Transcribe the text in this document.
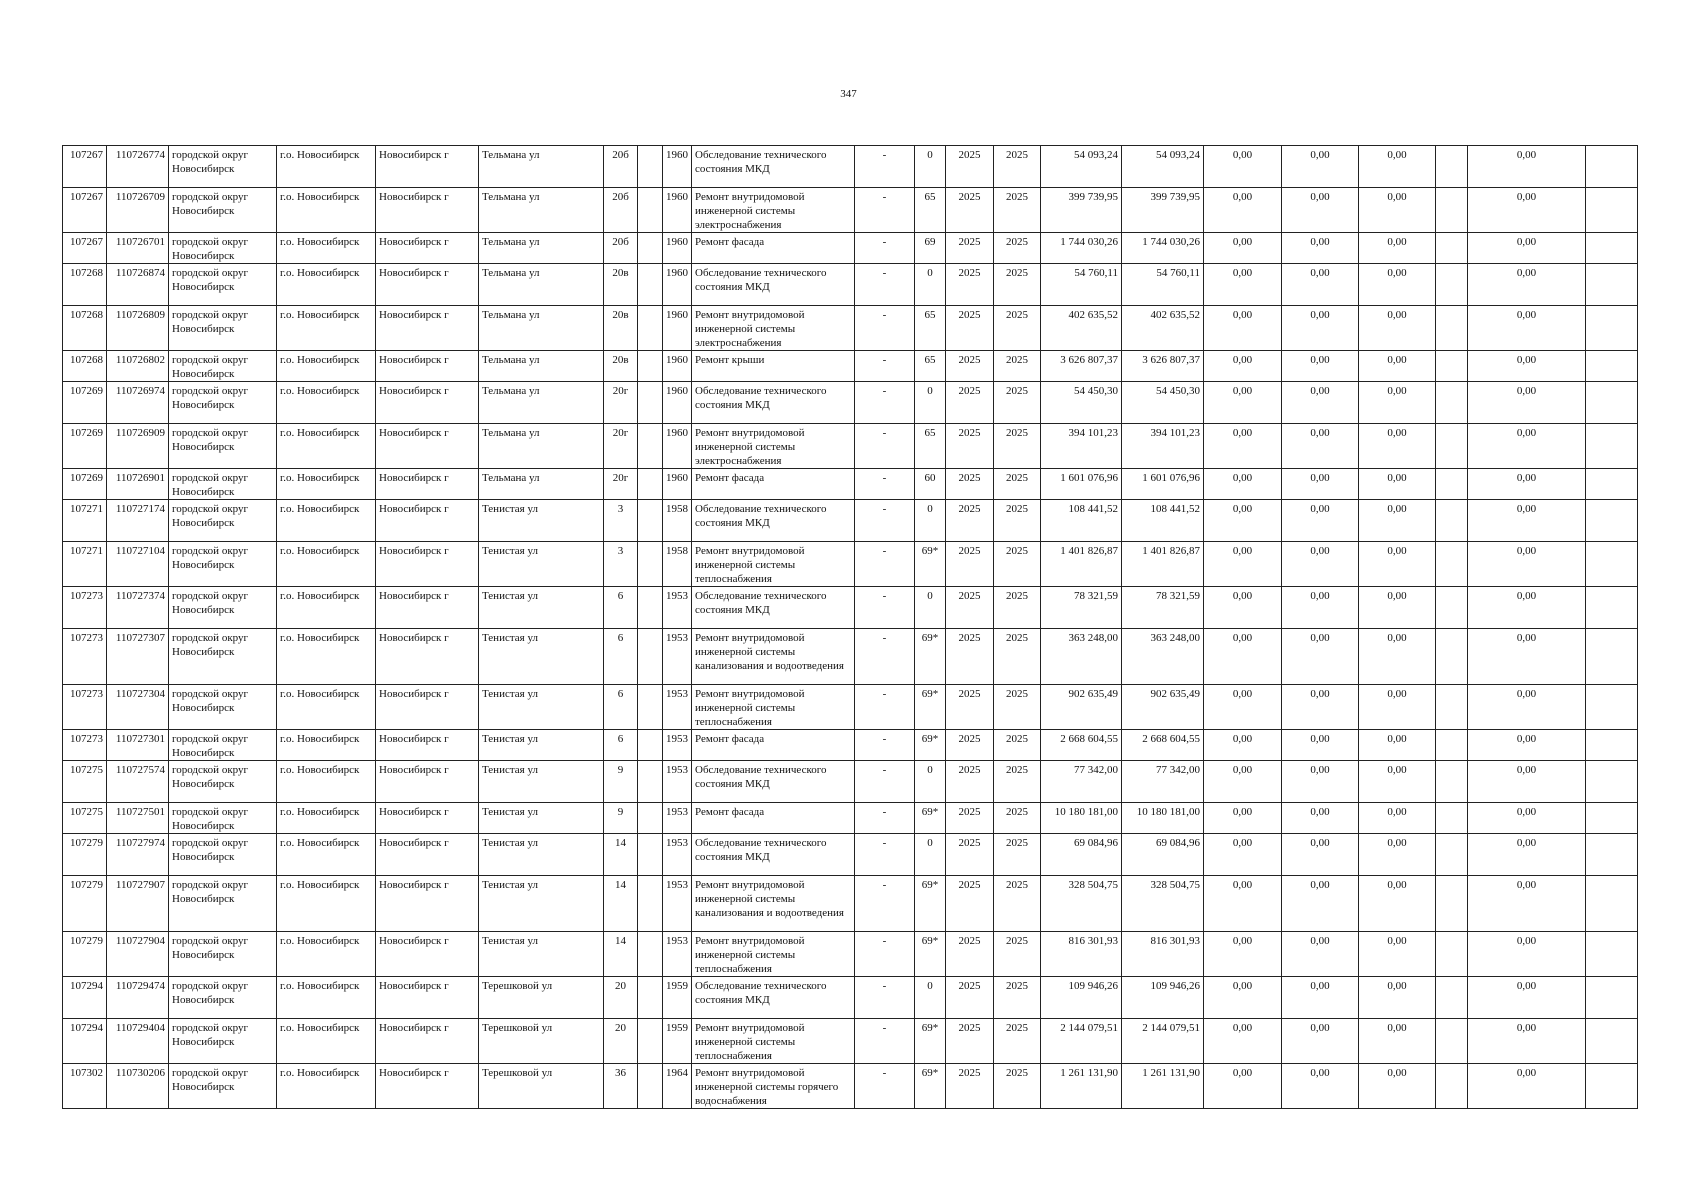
347
107267	110726774	городской округ Новосибирск	г.о. Новосибирск	Новосибирск г	Тельмана ул	20б		1960	Обследование технического состояния МКД	-	0	2025	2025	54 093,24	54 093,24	0,00	0,00	0,00		0,00	
107267	110726709	городской округ Новосибирск	г.о. Новосибирск	Новосибирск г	Тельмана ул	20б		1960	Ремонт внутридомовой инженерной системы электроснабжения	-	65	2025	2025	399 739,95	399 739,95	0,00	0,00	0,00		0,00	
107267	110726701	городской округ Новосибирск	г.о. Новосибирск	Новосибирск г	Тельмана ул	20б		1960	Ремонт фасада	-	69	2025	2025	1 744 030,26	1 744 030,26	0,00	0,00	0,00		0,00	
107268	110726874	городской округ Новосибирск	г.о. Новосибирск	Новосибирск г	Тельмана ул	20в		1960	Обследование технического состояния МКД	-	0	2025	2025	54 760,11	54 760,11	0,00	0,00	0,00		0,00	
107268	110726809	городской округ Новосибирск	г.о. Новосибирск	Новосибирск г	Тельмана ул	20в		1960	Ремонт внутридомовой инженерной системы электроснабжения	-	65	2025	2025	402 635,52	402 635,52	0,00	0,00	0,00		0,00	
107268	110726802	городской округ Новосибирск	г.о. Новосибирск	Новосибирск г	Тельмана ул	20в		1960	Ремонт крыши	-	65	2025	2025	3 626 807,37	3 626 807,37	0,00	0,00	0,00		0,00	
107269	110726974	городской округ Новосибирск	г.о. Новосибирск	Новосибирск г	Тельмана ул	20г		1960	Обследование технического состояния МКД	-	0	2025	2025	54 450,30	54 450,30	0,00	0,00	0,00		0,00	
107269	110726909	городской округ Новосибирск	г.о. Новосибирск	Новосибирск г	Тельмана ул	20г		1960	Ремонт внутридомовой инженерной системы электроснабжения	-	65	2025	2025	394 101,23	394 101,23	0,00	0,00	0,00		0,00	
107269	110726901	городской округ Новосибирск	г.о. Новосибирск	Новосибирск г	Тельмана ул	20г		1960	Ремонт фасада	-	60	2025	2025	1 601 076,96	1 601 076,96	0,00	0,00	0,00		0,00	
107271	110727174	городской округ Новосибирск	г.о. Новосибирск	Новосибирск г	Тенистая ул	3		1958	Обследование технического состояния МКД	-	0	2025	2025	108 441,52	108 441,52	0,00	0,00	0,00		0,00	
107271	110727104	городской округ Новосибирск	г.о. Новосибирск	Новосибирск г	Тенистая ул	3		1958	Ремонт внутридомовой инженерной системы теплоснабжения	-	69*	2025	2025	1 401 826,87	1 401 826,87	0,00	0,00	0,00		0,00	
107273	110727374	городской округ Новосибирск	г.о. Новосибирск	Новосибирск г	Тенистая ул	6		1953	Обследование технического состояния МКД	-	0	2025	2025	78 321,59	78 321,59	0,00	0,00	0,00		0,00	
107273	110727307	городской округ Новосибирск	г.о. Новосибирск	Новосибирск г	Тенистая ул	6		1953	Ремонт внутридомовой инженерной системы канализования и водоотведения	-	69*	2025	2025	363 248,00	363 248,00	0,00	0,00	0,00		0,00	
107273	110727304	городской округ Новосибирск	г.о. Новосибирск	Новосибирск г	Тенистая ул	6		1953	Ремонт внутридомовой инженерной системы теплоснабжения	-	69*	2025	2025	902 635,49	902 635,49	0,00	0,00	0,00		0,00	
107273	110727301	городской округ Новосибирск	г.о. Новосибирск	Новосибирск г	Тенистая ул	6		1953	Ремонт фасада	-	69*	2025	2025	2 668 604,55	2 668 604,55	0,00	0,00	0,00		0,00	
107275	110727574	городской округ Новосибирск	г.о. Новосибирск	Новосибирск г	Тенистая ул	9		1953	Обследование технического состояния МКД	-	0	2025	2025	77 342,00	77 342,00	0,00	0,00	0,00		0,00	
107275	110727501	городской округ Новосибирск	г.о. Новосибирск	Новосибирск г	Тенистая ул	9		1953	Ремонт фасада	-	69*	2025	2025	10 180 181,00	10 180 181,00	0,00	0,00	0,00		0,00	
107279	110727974	городской округ Новосибирск	г.о. Новосибирск	Новосибирск г	Тенистая ул	14		1953	Обследование технического состояния МКД	-	0	2025	2025	69 084,96	69 084,96	0,00	0,00	0,00		0,00	
107279	110727907	городской округ Новосибирск	г.о. Новосибирск	Новосибирск г	Тенистая ул	14		1953	Ремонт внутридомовой инженерной системы канализования и водоотведения	-	69*	2025	2025	328 504,75	328 504,75	0,00	0,00	0,00		0,00	
107279	110727904	городской округ Новосибирск	г.о. Новосибирск	Новосибирск г	Тенистая ул	14		1953	Ремонт внутридомовой инженерной системы теплоснабжения	-	69*	2025	2025	816 301,93	816 301,93	0,00	0,00	0,00		0,00	
107294	110729474	городской округ Новосибирск	г.о. Новосибирск	Новосибирск г	Терешковой ул	20		1959	Обследование технического состояния МКД	-	0	2025	2025	109 946,26	109 946,26	0,00	0,00	0,00		0,00	
107294	110729404	городской округ Новосибирск	г.о. Новосибирск	Новосибирск г	Терешковой ул	20		1959	Ремонт внутридомовой инженерной системы теплоснабжения	-	69*	2025	2025	2 144 079,51	2 144 079,51	0,00	0,00	0,00		0,00	
107302	110730206	городской округ Новосибирск	г.о. Новосибирск	Новосибирск г	Терешковой ул	36		1964	Ремонт внутридомовой инженерной системы горячего водоснабжения	-	69*	2025	2025	1 261 131,90	1 261 131,90	0,00	0,00	0,00		0,00	
